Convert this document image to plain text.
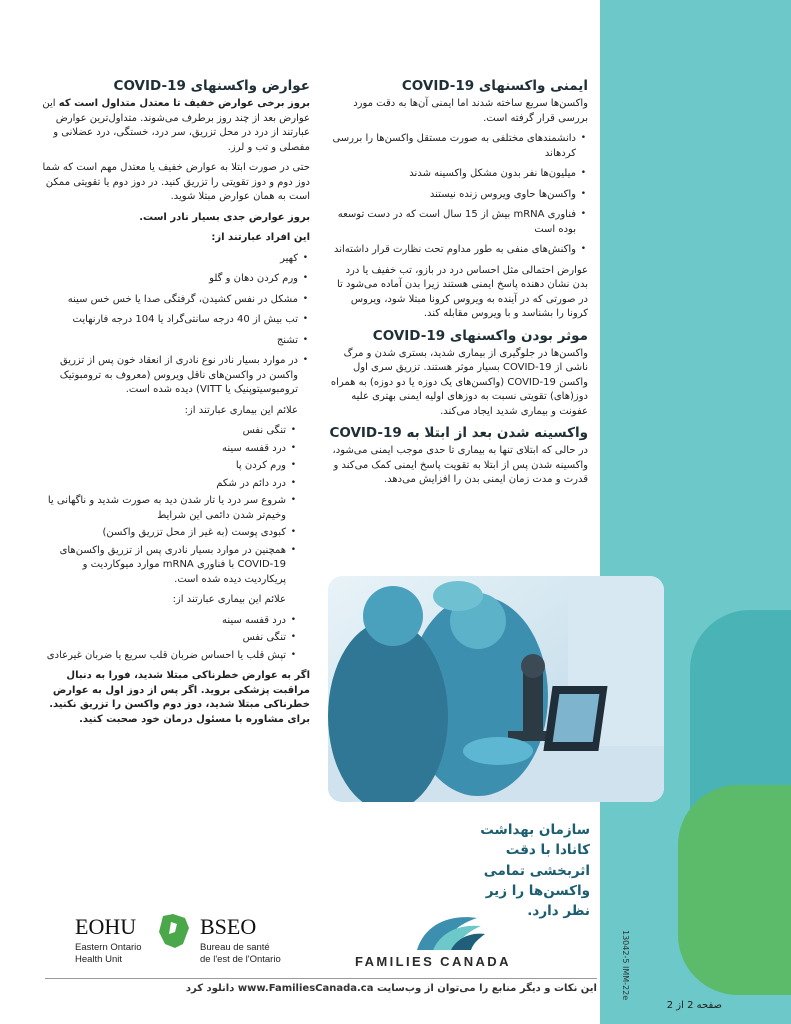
13042-5 IMM-22e
ایمنی واکسنهای COVID-19

واکسن‌ها سریع ساخته شدند اما ایمنی آن‌ها به دقت مورد بررسی قرار گرفته است.

• دانشمندهای مختلفی به صورت مستقل واکسن‌ها را بررسی کردهاند
• میلیون‌ها نفر بدون مشکل واکسینه شدند
• واکسن‌ها حاوی ویروس زنده نیستند
• فناوری mRNA بیش از 15 سال است که در دست توسعه بوده است
• واکنش‌های منفی به طور مداوم تحت نظارت قرار داشته‌اند

عوارض احتمالی مثل احساس درد در بازو، تب خفیف یا درد بدن نشان دهنده پاسخ ایمنی هستند زیرا بدن آماده می‌شود تا در صورتی که در آینده به ویروس کرونا مبتلا شود، ویروس کرونا را بشناسد و با ویروس مقابله کند.

موثر بودن واکسنهای COVID-19

واکسن‌ها در جلوگیری از بیماری شدید، بستری شدن و مرگ ناشی از COVID-19 بسیار موثر هستند. تزریق سری اول واکسن COVID-19 (واکسن‌های یک دوزه یا دو دوزه) به همراه دوز(های) تقویتی نسبت به دوزهای اولیه ایمنی بهتری علیه عفونت و بیماری شدید ایجاد می‌کند.

واکسینه شدن بعد از ابتلا به COVID-19

در حالی که ابتلای تنها به بیماری تا حدی موجب ایمنی می‌شود، واکسینه شدن پس از ابتلا به تقویت پاسخ ایمنی کمک می‌کند و قدرت و مدت زمان ایمنی بدن را افزایش می‌دهد.

عوارض واکسنهای COVID-19

بروز برخی عوارض خفیف تا معتدل متداول است که این عوارض بعد از چند روز برطرف می‌شوند. متداول‌ترین عوارض عبارتند از درد در محل تزریق، سر درد، خستگی، درد عضلانی و مفصلی و تب و لرز.

حتی در صورت ابتلا به عوارض خفیف یا معتدل مهم است که شما دوز دوم و دوز تقویتی را تزریق کنید. در دوز دوم یا تقویتی ممکن است به همان عوارض مبتلا شوید.

بروز عوارض جدی بسیار نادر است.

این افراد عبارتند از:

• کهیر
• ورم کردن دهان و گلو
• مشکل در نفس کشیدن، گرفتگی صدا یا خس خس سینه
• تب بیش از 40 درجه سانتی‌گراد یا 104 درجه فارنهایت
• تشنج
• در موارد بسیار نادر نوع نادری از انعقاد خون پس از تزریق واکسن در واکسن‌های ناقل ویروس (معروف به ترومبوتیک ترومبوسیتوپنیک یا VITT) دیده شده است.

علائم این بیماری عبارتند از:

• تنگی نفس
• درد قفسه سینه
• ورم کردن پا
• درد دائم در شکم
• شروع سر درد یا تار شدن دید به صورت شدید و ناگهانی یا وخیم‌تر شدن دائمی این شرایط
• کبودی پوست (به غیر از محل تزریق واکسن)
• همچنین در موارد بسیار نادری پس از تزریق واکسن‌های COVID-19 با فناوری mRNA موارد میوکاردیت و پریکاردیت دیده شده است.

علائم این بیماری عبارتند از:

• درد قفسه سینه
• تنگی نفس
• تپش قلب یا احساس ضربان قلب سریع یا ضربان غیرعادی

اگر به عوارض خطرناکی مبتلا شدید، فورا به دنبال مراقبت پزشکی بروید. اگر پس از دوز اول به عوارض خطرناکی مبتلا شدید، دوز دوم واکسن را تزریق نکنید. برای مشاوره با مسئول درمان خود صحبت کنید.

سازمان بهداشت کانادا با دقت اثربخشی تمامی واکسن‌ها را زیر نظر دارد.
EOHU	BSEO
Eastern Ontario
Health Unit
Bureau de santé
de l'est de l'Ontario	FAMILIES CANADA
این نکات و دیگر منابع را می‌توان از وب‌سایت www.FamiliesCanada.ca دانلود کرد
صفحه 2 از 2
